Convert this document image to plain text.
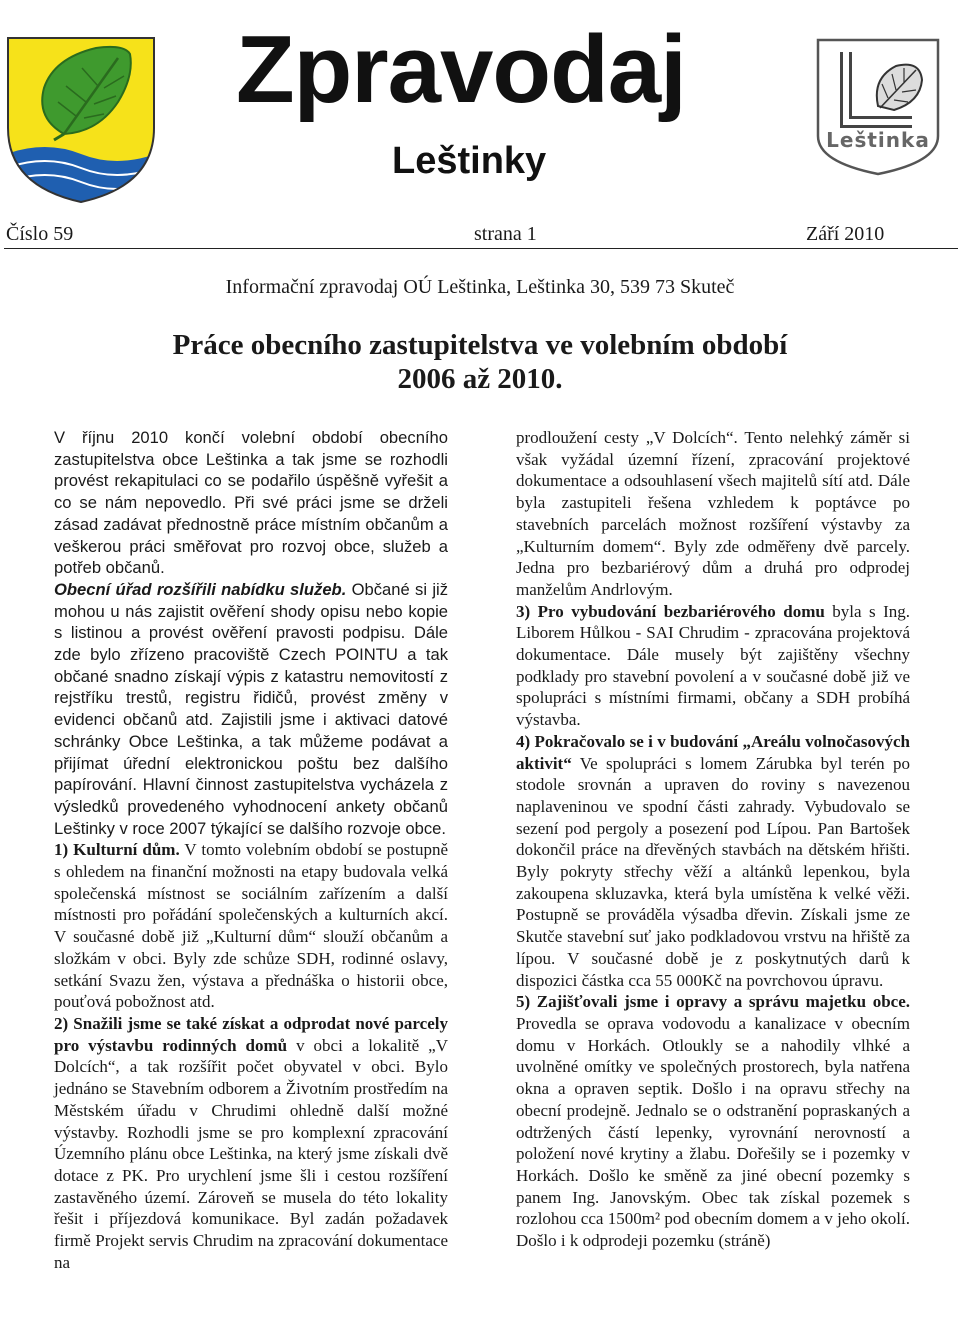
Zpravodaj
Leštinky	Leštinka
Číslo 59	strana 1	Září 2010
Informační zpravodaj OÚ Leštinka, Leštinka 30, 539 73 Skuteč
Práce obecního zastupitelstva ve volebním období 2006 až 2010.

V říjnu 2010 končí volební období obecního zastupitelstva obce Leštinka a tak jsme se rozhodli provést rekapitulaci co se podařilo úspěšně vyřešit a co se nám nepovedlo. Při své práci jsme se drželi zásad zadávat přednostně práce místním občanům a veškerou práci směřovat pro rozvoj obce, služeb a potřeb občanů.

Obecní úřad rozšířili nabídku služeb. Občané si již mohou u nás zajistit ověření shody opisu nebo kopie s listinou a provést ověření pravosti podpisu. Dále zde bylo zřízeno pracoviště Czech POINTU a tak občané snadno získají výpis z katastru nemovitostí z rejstříku trestů, registru řidičů, provést změny v evidenci občanů atd. Zajistili jsme i aktivaci datové schránky Obce Leštinka, a tak můžeme podávat a přijímat úřední elektronickou poštu bez dalšího papírování. Hlavní činnost zastupitelstva vycházela z výsledků provedeného vyhodnocení ankety občanů Leštinky v roce 2007 týkající se dalšího rozvoje obce.

1) Kulturní dům. V tomto volebním období se postupně s ohledem na finanční možnosti na etapy budovala velká společenská místnost se sociálním zařízením a další místnosti pro pořádání společenských a kulturních akcí. V současné době již „Kulturní dům“ slouží občanům a složkám v obci. Byly zde schůze SDH, rodinné oslavy, setkání Svazu žen, výstava a přednáška o historii obce, pouťová pobožnost atd.

2) Snažili jsme se také získat a odprodat nové parcely pro výstavbu rodinných domů v obci a lokalitě „V Dolcích“, a tak rozšířit počet obyvatel v obci. Bylo jednáno se Stavebním odborem a Životním prostředím na Městském úřadu v Chrudimi ohledně další možné výstavby. Rozhodli jsme se pro komplexní zpracování Územního plánu obce Leštinka, na který jsme získali dvě dotace z PK. Pro urychlení jsme šli i cestou rozšíření zastavěného území. Zároveň se musela do této lokality řešit i příjezdová komunikace. Byl zadán požadavek firmě Projekt servis Chrudim na zpracování dokumentace na

prodloužení cesty „V Dolcích“. Tento nelehký záměr si však vyžádal územní řízení, zpracování projektové dokumentace a odsouhlasení všech majitelů sítí atd. Dále byla zastupiteli řešena vzhledem k poptávce po stavebních parcelách možnost rozšíření výstavby za „Kulturním domem“. Byly zde odměřeny dvě parcely. Jedna pro bezbariérový dům a druhá pro odprodej manželům Andrlovým.

3) Pro vybudování bezbariérového domu byla s Ing. Liborem Hůlkou - SAI Chrudim - zpracována projektová dokumentace. Dále musely být zajištěny všechny podklady pro stavební povolení a v současné době již ve spolupráci s místními firmami, občany a SDH probíhá výstavba.

4) Pokračovalo se i v budování „Areálu volnočasových aktivit“ Ve spolupráci s lomem Zárubka byl terén po stodole srovnán a upraven do roviny s navezenou naplaveninou ve spodní části zahrady. Vybudovalo se sezení pod pergoly a posezení pod Lípou. Pan Bartošek dokončil práce na dřevěných stavbách na dětském hřišti. Byly pokryty střechy věží a altánků lepenkou, byla zakoupena skluzavka, která byla umístěna k velké věži. Postupně se prováděla výsadba dřevin. Získali jsme ze Skutče stavební suť jako podkladovou vrstvu na hřiště za lípou. V současné době je z poskytnutých darů k dispozici částka cca 55 000Kč na povrchovou úpravu.

5) Zajišťovali jsme i opravy a správu majetku obce. Provedla se oprava vodovodu a kanalizace v obecním domu v Horkách. Otloukly se a nahodily vlhké a uvolněné omítky ve společných prostorech, byla natřena okna a opraven septik. Došlo i na opravu střechy na obecní prodejně. Jednalo se o odstranění popraskaných a odtržených částí lepenky, vyrovnání nerovností a položení nové krytiny a žlabu. Dořešily se i pozemky v Horkách. Došlo ke směně za jiné obecní pozemky s panem Ing. Janovským. Obec tak získal pozemek s rozlohou cca 1500m² pod obecním domem a v jeho okolí. Došlo i k odprodeji pozemku (stráně)
